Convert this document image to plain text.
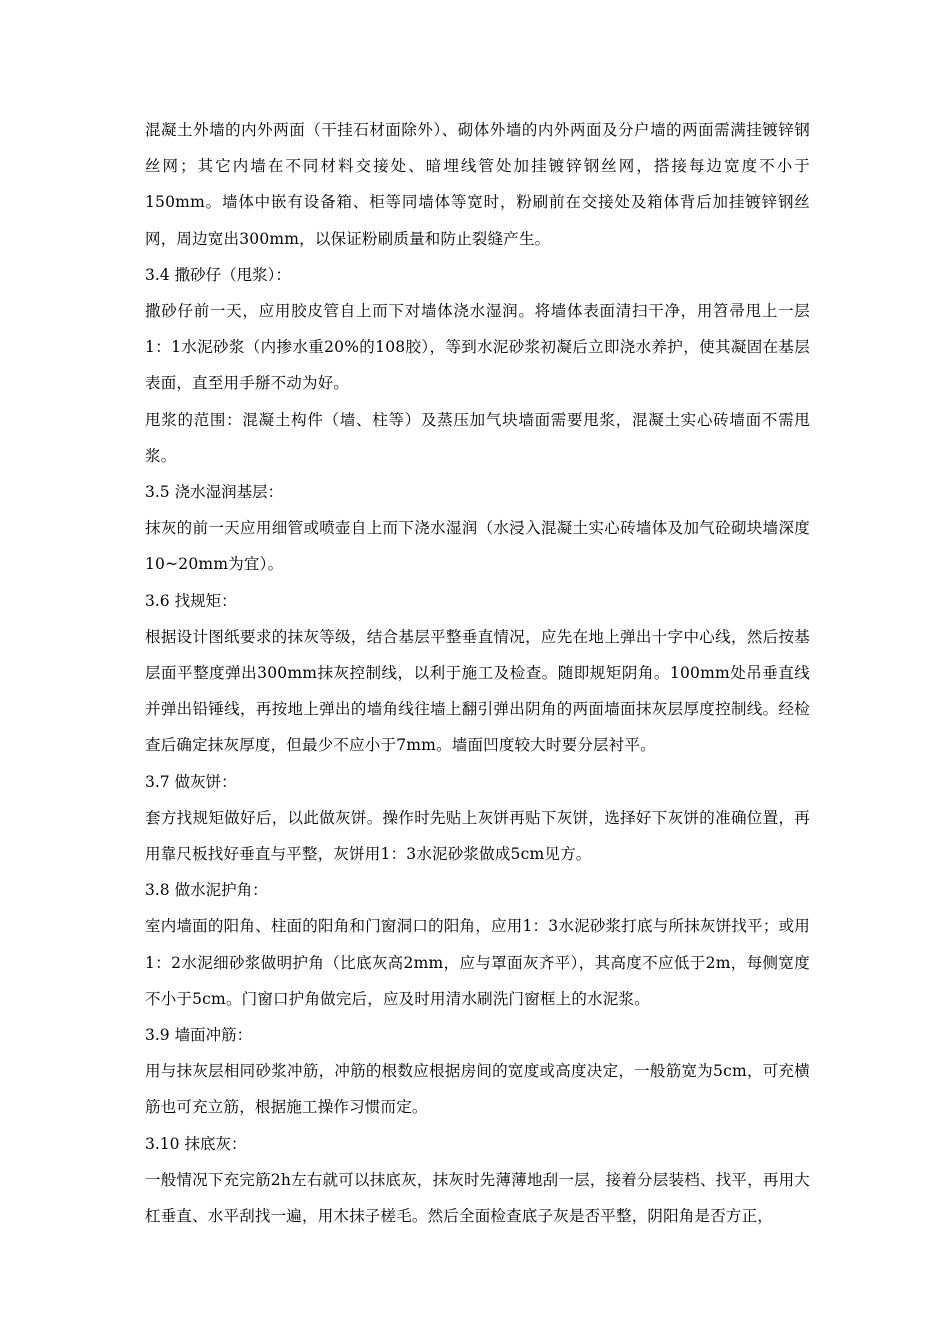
混凝土外墙的内外两面（干挂石材面除外）、砌体外墙的内外两面及分户墙的两面需满挂镀锌钢丝网；其它内墙在不同材料交接处、暗埋线管处加挂镀锌钢丝网，搭接每边宽度不小于150mm。墙体中嵌有设备箱、柜等同墙体等宽时，粉刷前在交接处及箱体背后加挂镀锌钢丝网，周边宽出300mm，以保证粉刷质量和防止裂缝产生。

3.4 撒砂仔（甩浆）：

撒砂仔前一天，应用胶皮管自上而下对墙体浇水湿润。将墙体表面清扫干净，用笤帚甩上一层1：1水泥砂浆（内掺水重20%的108胶），等到水泥砂浆初凝后立即浇水养护，使其凝固在基层表面，直至用手掰不动为好。

甩浆的范围：混凝土构件（墙、柱等）及蒸压加气块墙面需要甩浆，混凝土实心砖墙面不需甩浆。

3.5 浇水湿润基层：

抹灰的前一天应用细管或喷壶自上而下浇水湿润（水浸入混凝土实心砖墙体及加气砼砌块墙深度10~20mm为宜）。

3.6 找规矩：

根据设计图纸要求的抹灰等级，结合基层平整垂直情况，应先在地上弹出十字中心线，然后按基层面平整度弹出300mm抹灰控制线，以利于施工及检查。随即规矩阴角。100mm处吊垂直线并弹出铅锤线，再按地上弹出的墙角线往墙上翻引弹出阴角的两面墙面抹灰层厚度控制线。经检查后确定抹灰厚度，但最少不应小于7mm。墙面凹度较大时要分层衬平。

3.7 做灰饼：

套方找规矩做好后，以此做灰饼。操作时先贴上灰饼再贴下灰饼，选择好下灰饼的准确位置，再用靠尺板找好垂直与平整，灰饼用1：3水泥砂浆做成5cm见方。

3.8 做水泥护角：

室内墙面的阳角、柱面的阳角和门窗洞口的阳角，应用1：3水泥砂浆打底与所抹灰饼找平；或用1：2水泥细砂浆做明护角（比底灰高2mm，应与罩面灰齐平），其高度不应低于2m，每侧宽度不小于5cm。门窗口护角做完后，应及时用清水刷洗门窗框上的水泥浆。

3.9 墙面冲筋：

用与抹灰层相同砂浆冲筋，冲筋的根数应根据房间的宽度或高度决定，一般筋宽为5cm，可充横筋也可充立筋，根据施工操作习惯而定。

3.10 抹底灰：

一般情况下充完筋2h左右就可以抹底灰，抹灰时先薄薄地刮一层，接着分层装档、找平，再用大杠垂直、水平刮找一遍，用木抹子槎毛。然后全面检查底子灰是否平整，阴阳角是否方正，
